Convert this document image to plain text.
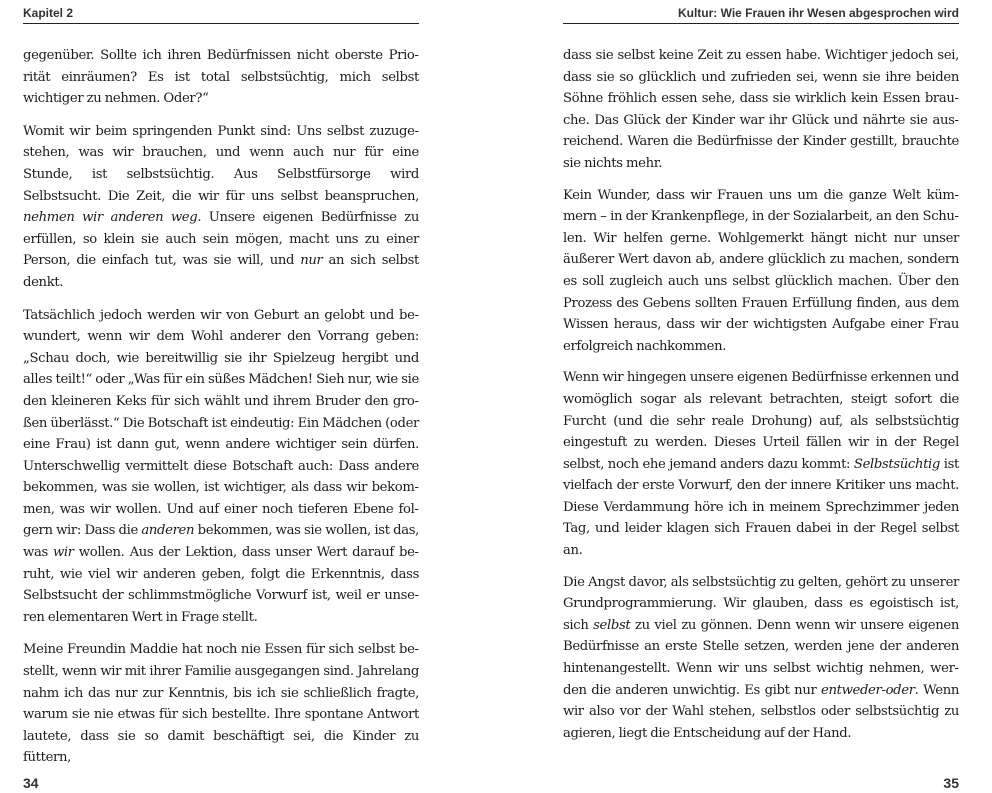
Kapitel 2

gegenüber. Sollte ich ihren Bedürfnissen nicht oberste Priorität einräumen? Es ist total selbstsüchtig, mich selbst wichtiger zu nehmen. Oder?“

Womit wir beim springenden Punkt sind: Uns selbst zuzugestehen, was wir brauchen, und wenn auch nur für eine Stunde, ist selbstsüchtig. Aus Selbstfürsorge wird Selbstsucht. Die Zeit, die wir für uns selbst beanspruchen, nehmen wir anderen weg. Unsere eigenen Bedürfnisse zu erfüllen, so klein sie auch sein mögen, macht uns zu einer Person, die einfach tut, was sie will, und nur an sich selbst denkt.

Tatsächlich jedoch werden wir von Geburt an gelobt und bewundert, wenn wir dem Wohl anderer den Vorrang geben: „Schau doch, wie bereitwillig sie ihr Spielzeug hergibt und alles teilt!“ oder „Was für ein süßes Mädchen! Sieh nur, wie sie den kleineren Keks für sich wählt und ihrem Bruder den großen überlässt.“ Die Botschaft ist eindeutig: Ein Mädchen (oder eine Frau) ist dann gut, wenn andere wichtiger sein dürfen. Unterschwellig vermittelt diese Botschaft auch: Dass andere bekommen, was sie wollen, ist wichtiger, als dass wir bekommen, was wir wollen. Und auf einer noch tieferen Ebene folgern wir: Dass die anderen bekommen, was sie wollen, ist das, was wir wollen. Aus der Lektion, dass unser Wert darauf beruht, wie viel wir anderen geben, folgt die Erkenntnis, dass Selbstsucht der schlimmstmögliche Vorwurf ist, weil er unseren elementaren Wert in Frage stellt.

Meine Freundin Maddie hat noch nie Essen für sich selbst bestellt, wenn wir mit ihrer Familie ausgegangen sind. Jahrelang nahm ich das nur zur Kenntnis, bis ich sie schließlich fragte, warum sie nie etwas für sich bestellte. Ihre spontane Antwort lautete, dass sie so damit beschäftigt sei, die Kinder zu füttern,

34
Kultur: Wie Frauen ihr Wesen abgesprochen wird

dass sie selbst keine Zeit zu essen habe. Wichtiger jedoch sei, dass sie so glücklich und zufrieden sei, wenn sie ihre beiden Söhne fröhlich essen sehe, dass sie wirklich kein Essen brauche. Das Glück der Kinder war ihr Glück und nährte sie ausreichend. Waren die Bedürfnisse der Kinder gestillt, brauchte sie nichts mehr.

Kein Wunder, dass wir Frauen uns um die ganze Welt kümmern – in der Krankenpflege, in der Sozialarbeit, an den Schulen. Wir helfen gerne. Wohlgemerkt hängt nicht nur unser äußerer Wert davon ab, andere glücklich zu machen, sondern es soll zugleich auch uns selbst glücklich machen. Über den Prozess des Gebens sollten Frauen Erfüllung finden, aus dem Wissen heraus, dass wir der wichtigsten Aufgabe einer Frau erfolgreich nachkommen.

Wenn wir hingegen unsere eigenen Bedürfnisse erkennen und womöglich sogar als relevant betrachten, steigt sofort die Furcht (und die sehr reale Drohung) auf, als selbstsüchtig eingestuft zu werden. Dieses Urteil fällen wir in der Regel selbst, noch ehe jemand anders dazu kommt: Selbstsüchtig ist vielfach der erste Vorwurf, den der innere Kritiker uns macht. Diese Verdammung höre ich in meinem Sprechzimmer jeden Tag, und leider klagen sich Frauen dabei in der Regel selbst an.

Die Angst davor, als selbstsüchtig zu gelten, gehört zu unserer Grundprogrammierung. Wir glauben, dass es egoistisch ist, sich selbst zu viel zu gönnen. Denn wenn wir unsere eigenen Bedürfnisse an erste Stelle setzen, werden jene der anderen hintenangestellt. Wenn wir uns selbst wichtig nehmen, werden die anderen unwichtig. Es gibt nur entweder-oder. Wenn wir also vor der Wahl stehen, selbstlos oder selbstsüchtig zu agieren, liegt die Entscheidung auf der Hand.

35
